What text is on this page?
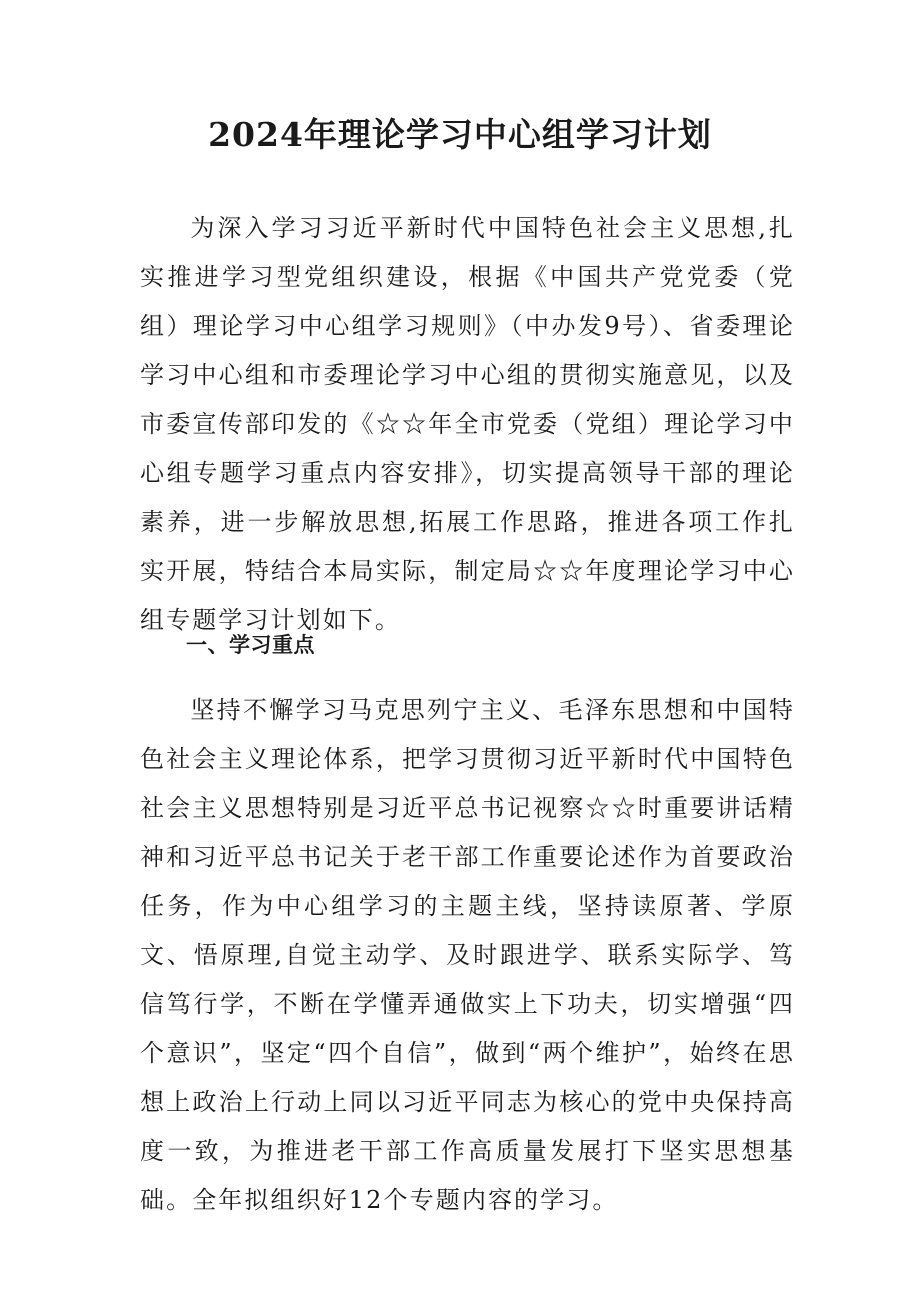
2024年理论学习中心组学习计划

为深入学习习近平新时代中国特色社会主义思想,扎实推进学习型党组织建设，根据《中国共产党党委（党组）理论学习中心组学习规则》（中办发9号）、省委理论学习中心组和市委理论学习中心组的贯彻实施意见，以及市委宣传部印发的《☆☆年全市党委（党组）理论学习中心组专题学习重点内容安排》，切实提高领导干部的理论素养，进一步解放思想,拓展工作思路，推进各项工作扎实开展，特结合本局实际，制定局☆☆年度理论学习中心组专题学习计划如下。

一、学习重点

坚持不懈学习马克思列宁主义、毛泽东思想和中国特色社会主义理论体系，把学习贯彻习近平新时代中国特色社会主义思想特别是习近平总书记视察☆☆时重要讲话精神和习近平总书记关于老干部工作重要论述作为首要政治任务，作为中心组学习的主题主线，坚持读原著、学原文、悟原理,自觉主动学、及时跟进学、联系实际学、笃信笃行学，不断在学懂弄通做实上下功夫，切实增强“四个意识”，坚定“四个自信”，做到“两个维护”，始终在思想上政治上行动上同以习近平同志为核心的党中央保持高度一致，为推进老干部工作高质量发展打下坚实思想基础。全年拟组织好12个专题内容的学习。
